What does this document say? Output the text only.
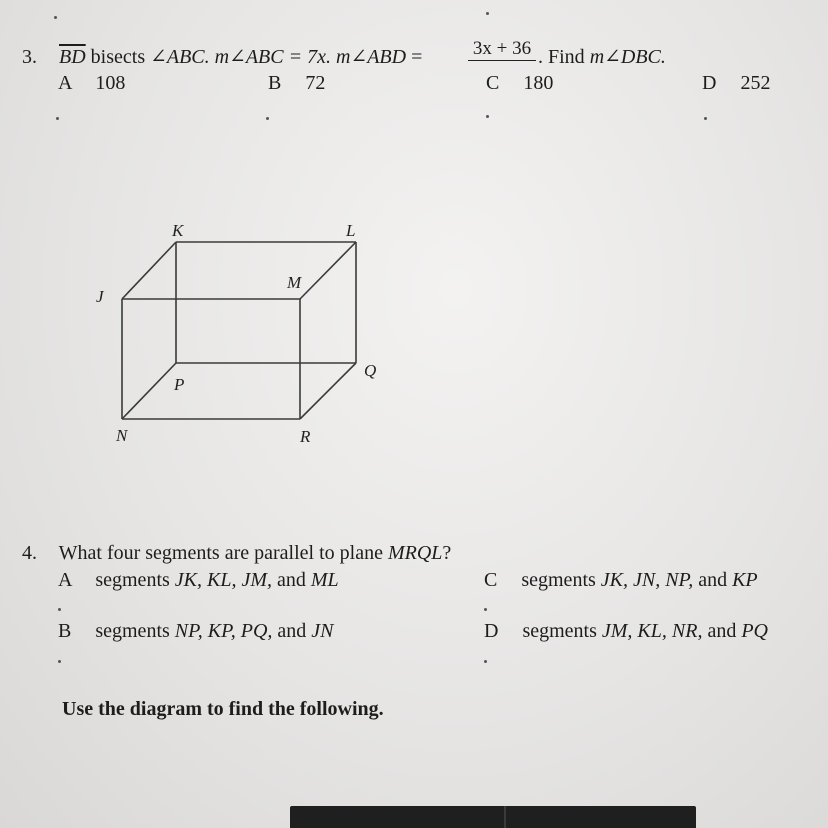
3. $\overline{BD}$ bisects ∠ABC. m∠ABC = 7x. m∠ABD =	3x + 36 . Find m∠DBC.
A 108	B 72	C 180	D 252
K	L
J
M
P
Q
N	R
4. What four segments are parallel to plane MRQL?
A segments JK, KL, JM, and ML	C segments JK, JN, NP, and KP
B segments NP, KP, PQ, and JN	D segments JM, KL, NR, and PQ
Use the diagram to find the following.
